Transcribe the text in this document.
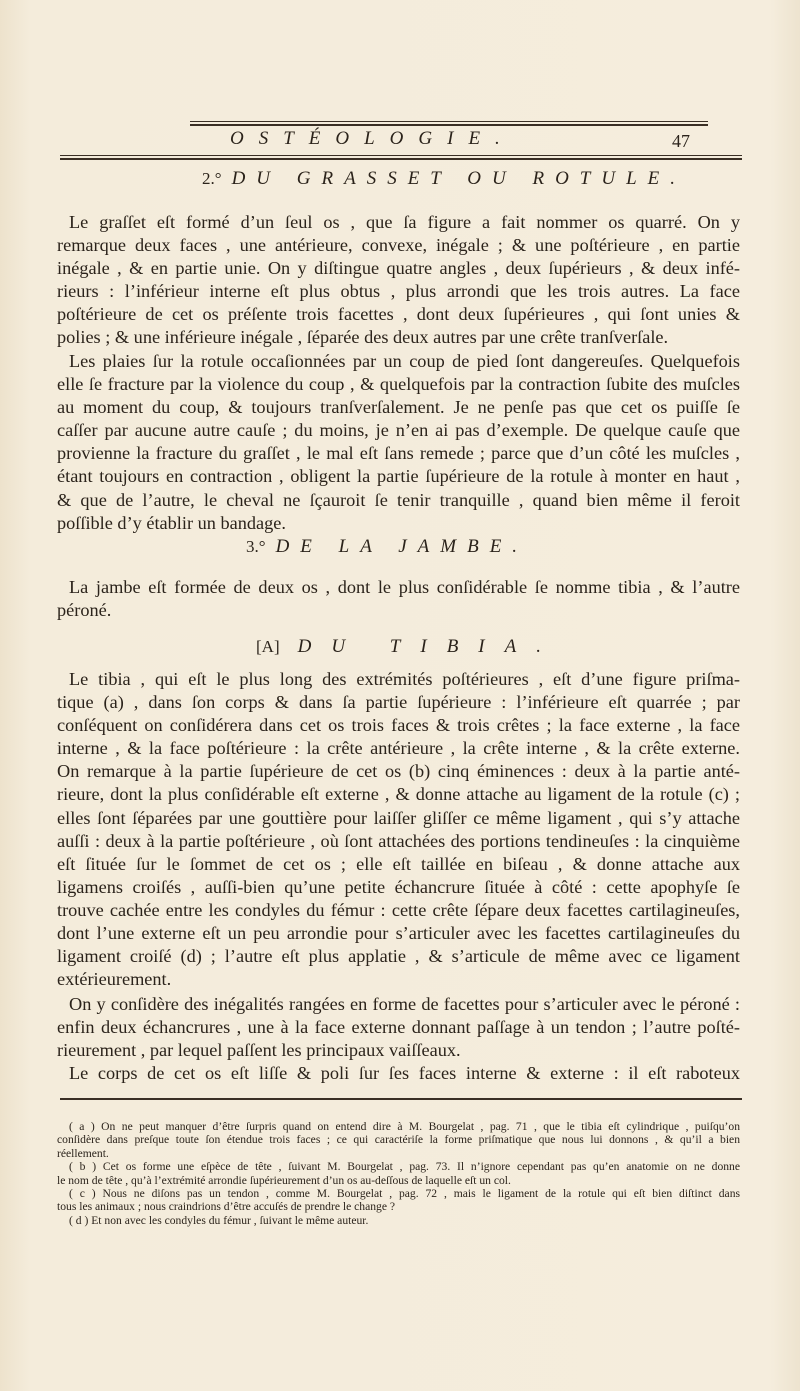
OSTÉOLOGIE.	47
2.° DU GRASSET OU ROTULE.
Le graſſet eſt formé d’un ſeul os , que ſa figure a fait nommer os quarré. On y
remarque deux faces , une antérieure, convexe, inégale ; & une poſtérieure , en partie
inégale , & en partie unie. On y diſtingue quatre angles , deux ſupérieurs , & deux infé-
rieurs : l’inférieur interne eſt plus obtus , plus arrondi que les trois autres. La face
poſtérieure de cet os préſente trois facettes , dont deux ſupérieures , qui ſont unies &
polies ; & une inférieure inégale , ſéparée des deux autres par une crête tranſverſale.
Les plaies ſur la rotule occaſionnées par un coup de pied ſont dangereuſes. Quelquefois
elle ſe fracture par la violence du coup , & quelquefois par la contraction ſubite des muſcles
au moment du coup, & toujours tranſverſalement. Je ne penſe pas que cet os puiſſe ſe
caſſer par aucune autre cauſe ; du moins, je n’en ai pas d’exemple. De quelque cauſe que
provienne la fracture du graſſet , le mal eſt ſans remede ; parce que d’un côté les muſcles ,
étant toujours en contraction , obligent la partie ſupérieure de la rotule à monter en haut ,
& que de l’autre, le cheval ne ſçauroit ſe tenir tranquille , quand bien même il feroit
poſſible d’y établir un bandage.
3.° DE LA JAMBE.
La jambe eſt formée de deux os , dont le plus conſidérable ſe nomme tibia , & l’autre
péroné.
[A] DU TIBIA.
Le tibia , qui eſt le plus long des extrémités poſtérieures , eſt d’une figure priſma-
tique (a) , dans ſon corps & dans ſa partie ſupérieure : l’inférieure eſt quarrée ; par
conſéquent on conſidérera dans cet os trois faces & trois crêtes ; la face externe , la face
interne , & la face poſtérieure : la crête antérieure , la crête interne , & la crête externe.
On remarque à la partie ſupérieure de cet os (b) cinq éminences : deux à la partie anté-
rieure, dont la plus conſidérable eſt externe , & donne attache au ligament de la rotule (c) ;
elles ſont ſéparées par une gouttière pour laiſſer gliſſer ce même ligament , qui s’y attache
auſſi : deux à la partie poſtérieure , où ſont attachées des portions tendineuſes : la cinquième
eſt ſituée ſur le ſommet de cet os ; elle eſt taillée en biſeau , & donne attache aux
ligamens croiſés , auſſi-bien qu’une petite échancrure ſituée à côté : cette apophyſe ſe
trouve cachée entre les condyles du fémur : cette crête ſépare deux facettes cartilagineuſes,
dont l’une externe eſt un peu arrondie pour s’articuler avec les facettes cartilagineuſes du
ligament croiſé (d) ; l’autre eſt plus applatie , & s’articule de même avec ce ligament
extérieurement.
On y conſidère des inégalités rangées en forme de facettes pour s’articuler avec le péroné :
enfin deux échancrures , une à la face externe donnant paſſage à un tendon ; l’autre poſté-
rieurement , par lequel paſſent les principaux vaiſſeaux.
Le corps de cet os eſt liſſe & poli ſur ſes faces interne & externe : il eſt raboteux
( a ) On ne peut manquer d’être ſurpris quand on entend dire à M. Bourgelat , pag. 71 , que le tibia eſt cylindrique , puiſqu’on
conſidère dans preſque toute ſon étendue trois faces ; ce qui caractériſe la forme priſmatique que nous lui donnons , & qu’il a bien
réellement.
( b ) Cet os forme une eſpèce de tête , ſuivant M. Bourgelat , pag. 73. Il n’ignore cependant pas qu’en anatomie on ne donne
le nom de tête , qu’à l’extrémité arrondie ſupérieurement d’un os au-deſſous de laquelle eſt un col.
( c ) Nous ne diſons pas un tendon , comme M. Bourgelat , pag. 72 , mais le ligament de la rotule qui eſt bien diſtinct dans
tous les animaux ; nous craindrions d’être accuſés de prendre le change ?
( d ) Et non avec les condyles du fémur , ſuivant le même auteur.
